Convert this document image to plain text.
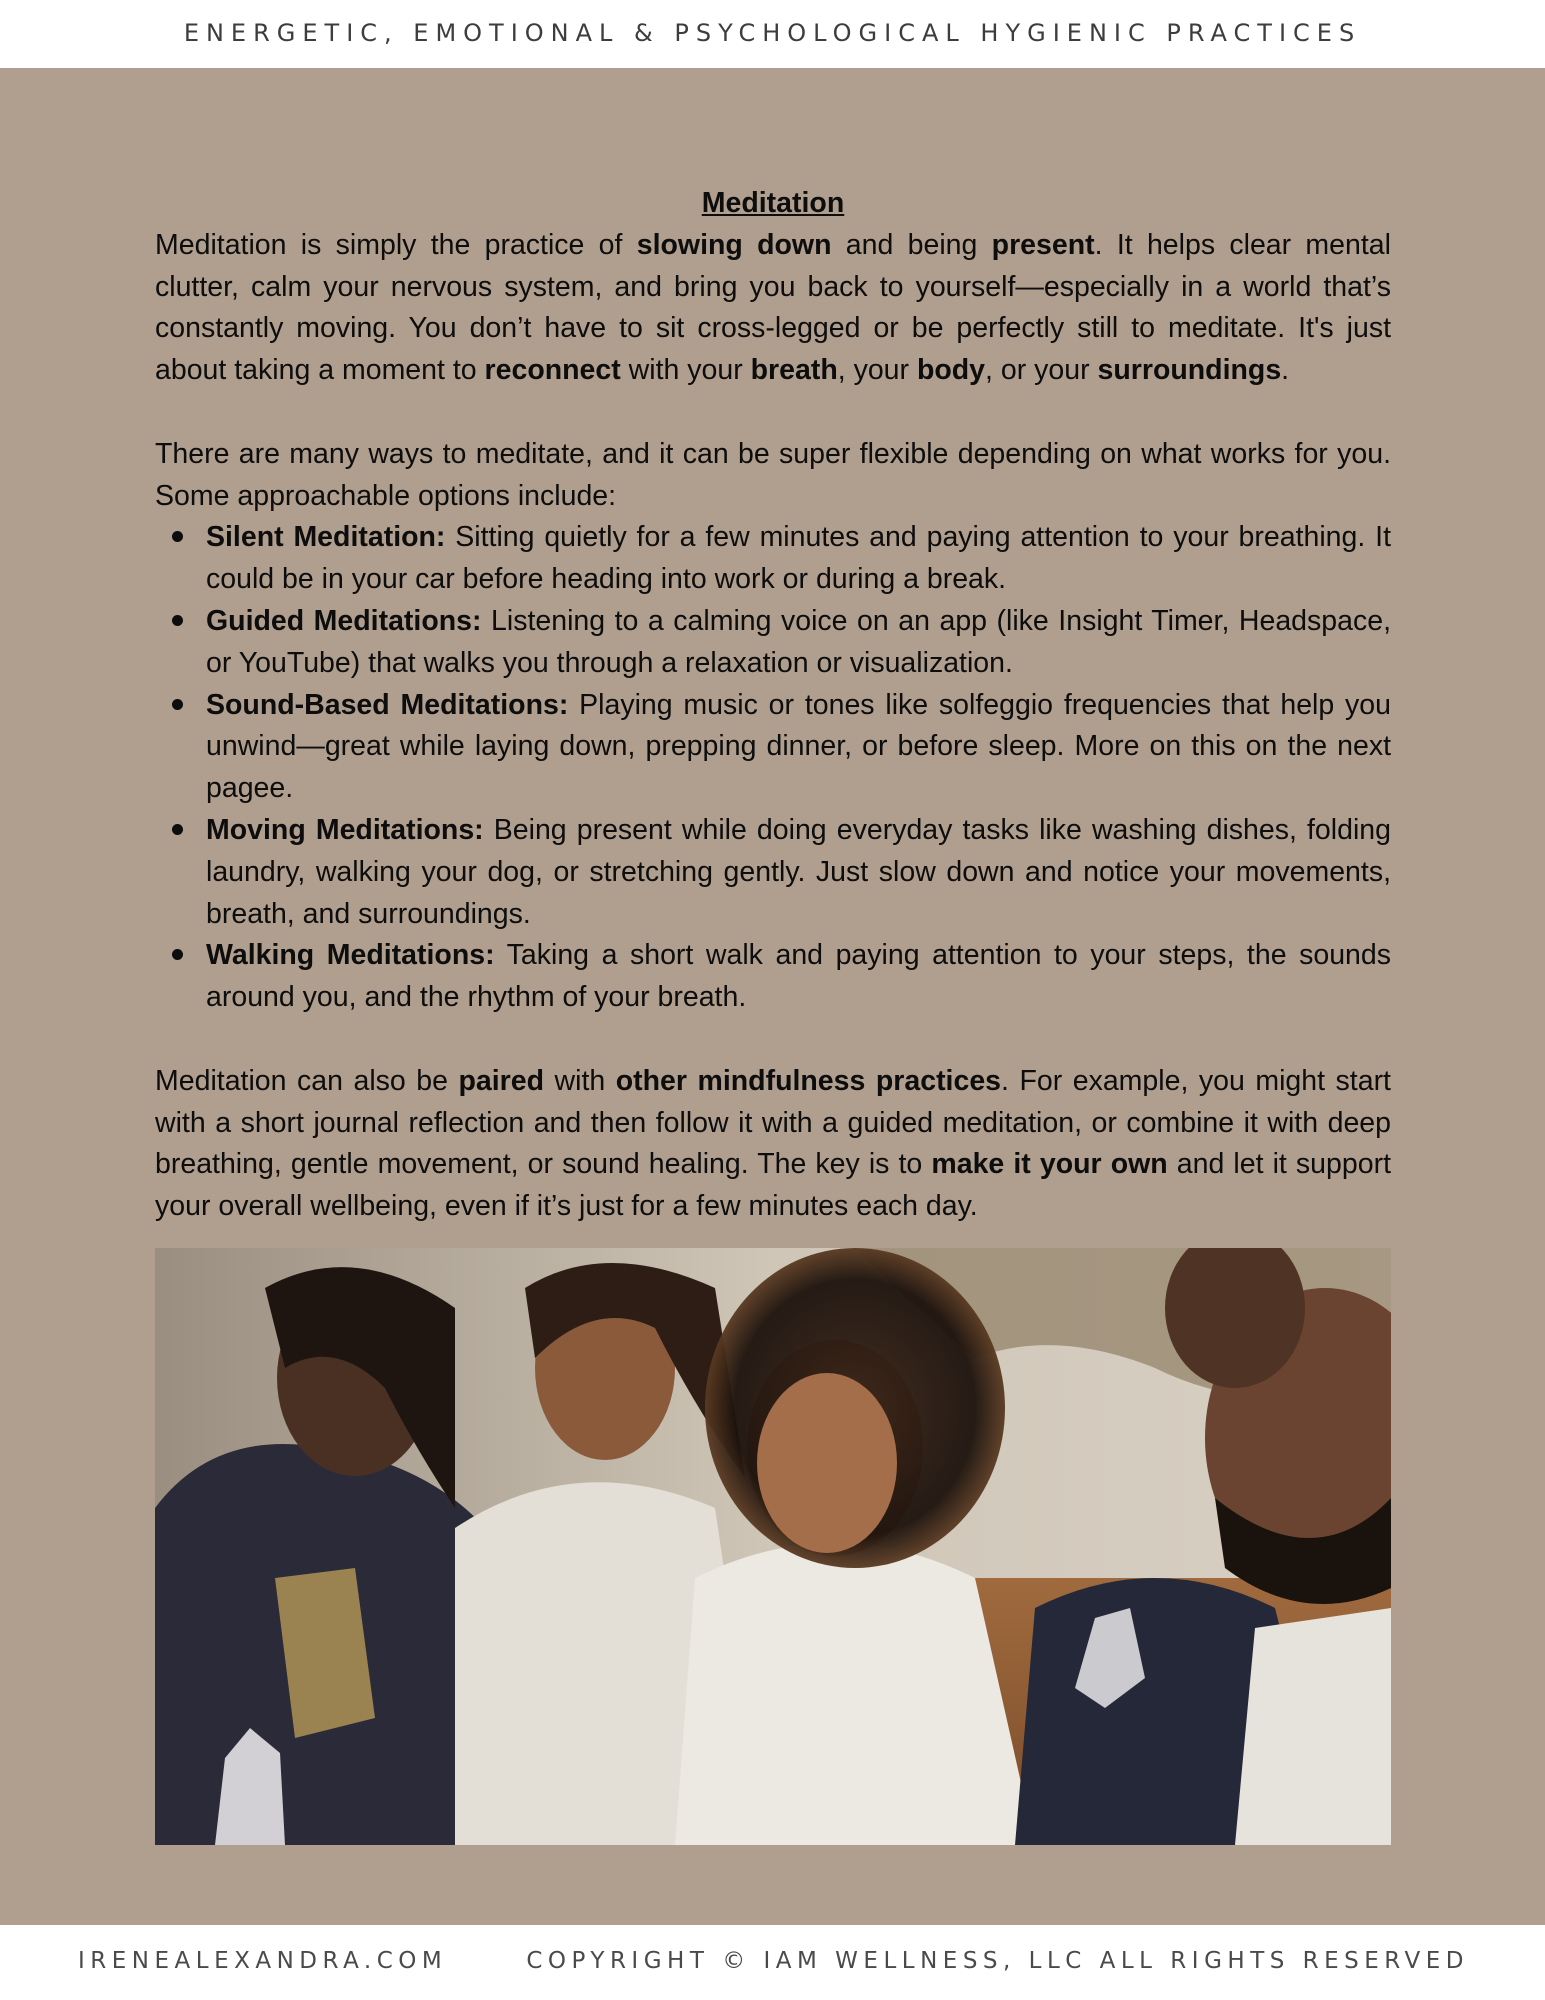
ENERGETIC, EMOTIONAL & PSYCHOLOGICAL HYGIENIC PRACTICES

Meditation

Meditation is simply the practice of slowing down and being present. It helps clear mental clutter, calm your nervous system, and bring you back to yourself—especially in a world that’s constantly moving. You don’t have to sit cross-legged or be perfectly still to meditate. It's just about taking a moment to reconnect with your breath, your body, or your surroundings.

There are many ways to meditate, and it can be super flexible depending on what works for you. Some approachable options include:

Silent Meditation: Sitting quietly for a few minutes and paying attention to your breathing. It could be in your car before heading into work or during a break.
Guided Meditations: Listening to a calming voice on an app (like Insight Timer, Headspace, or YouTube) that walks you through a relaxation or visualization.
Sound-Based Meditations: Playing music or tones like solfeggio frequencies that help you unwind—great while laying down, prepping dinner, or before sleep. More on this on the next pagee.
Moving Meditations: Being present while doing everyday tasks like washing dishes, folding laundry, walking your dog, or stretching gently. Just slow down and notice your movements, breath, and surroundings.
Walking Meditations: Taking a short walk and paying attention to your steps, the sounds around you, and the rhythm of your breath.

Meditation can also be paired with other mindfulness practices. For example, you might start with a short journal reflection and then follow it with a guided meditation, or combine it with deep breathing, gentle movement, or sound healing. The key is to make it your own and let it support your overall wellbeing, even if it’s just for a few minutes each day.

IRENEALEXANDRA.COM	COPYRIGHT © IAM WELLNESS, LLC ALL RIGHTS RESERVED
